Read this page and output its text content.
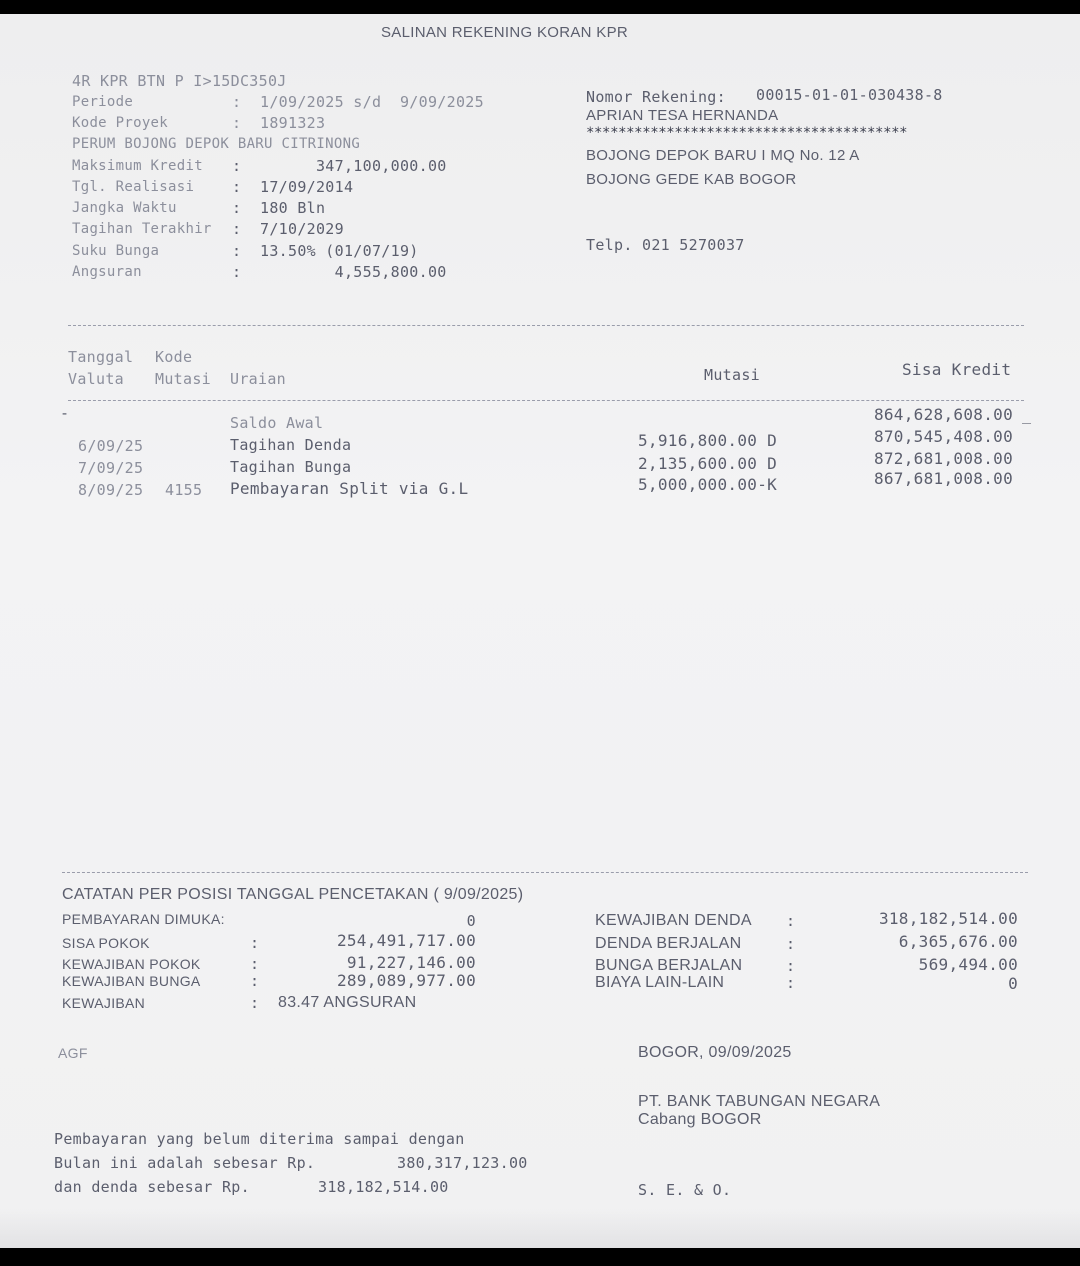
SALINAN REKENING KORAN KPR
4R KPR BTN P I>15DC350J
Periode	:  1/09/2025 s/d  9/09/2025
Kode Proyek	:  1891323
PERUM BOJONG DEPOK BARU CITRINONG
Maksimum Kredit :        347,100,000.00
Tgl. Realisasi	:  17/09/2014
Jangka Waktu	:  180 Bln
Tagihan Terakhir :  7/10/2029
Suku Bunga	:  13.50% (01/07/19)
Angsuran	:          4,555,800.00
Nomor Rekening: 00015-01-01-030438-8
APRIAN TESA HERNANDA
****************************************
BOJONG DEPOK BARU I MQ No. 12 A
BOJONG GEDE KAB BOGOR
Telp. 021 5270037
Tanggal Kode
Valuta Mutasi Uraian	Mutasi	Sisa Kredit
-	_
Saldo Awal	864,628,608.00
6/09/25	Tagihan Denda	5,916,800.00 D	870,545,408.00
7/09/25	Tagihan Bunga	2,135,600.00 D	872,681,008.00
8/09/25 4155 Pembayaran Split via G.L	5,000,000.00-K	867,681,008.00
CATATAN PER POSISI TANGGAL PENCETAKAN ( 9/09/2025)
PEMBAYARAN DIMUKA:	0
SISA POKOK	:	254,491,717.00
KEWAJIBAN POKOK	:	91,227,146.00
KEWAJIBAN BUNGA	:	289,089,977.00
KEWAJIBAN	: 83.47 ANGSURAN
KEWAJIBAN DENDA :	318,182,514.00
DENDA BERJALAN	:	6,365,676.00
BUNGA BERJALAN	:	569,494.00
BIAYA LAIN-LAIN	:	0
AGF	BOGOR, 09/09/2025
PT. BANK TABUNGAN NEGARA
Cabang BOGOR
Pembayaran yang belum diterima sampai dengan
Bulan ini adalah sebesar Rp.	380,317,123.00
dan denda sebesar Rp.	318,182,514.00	S. E. & O.
